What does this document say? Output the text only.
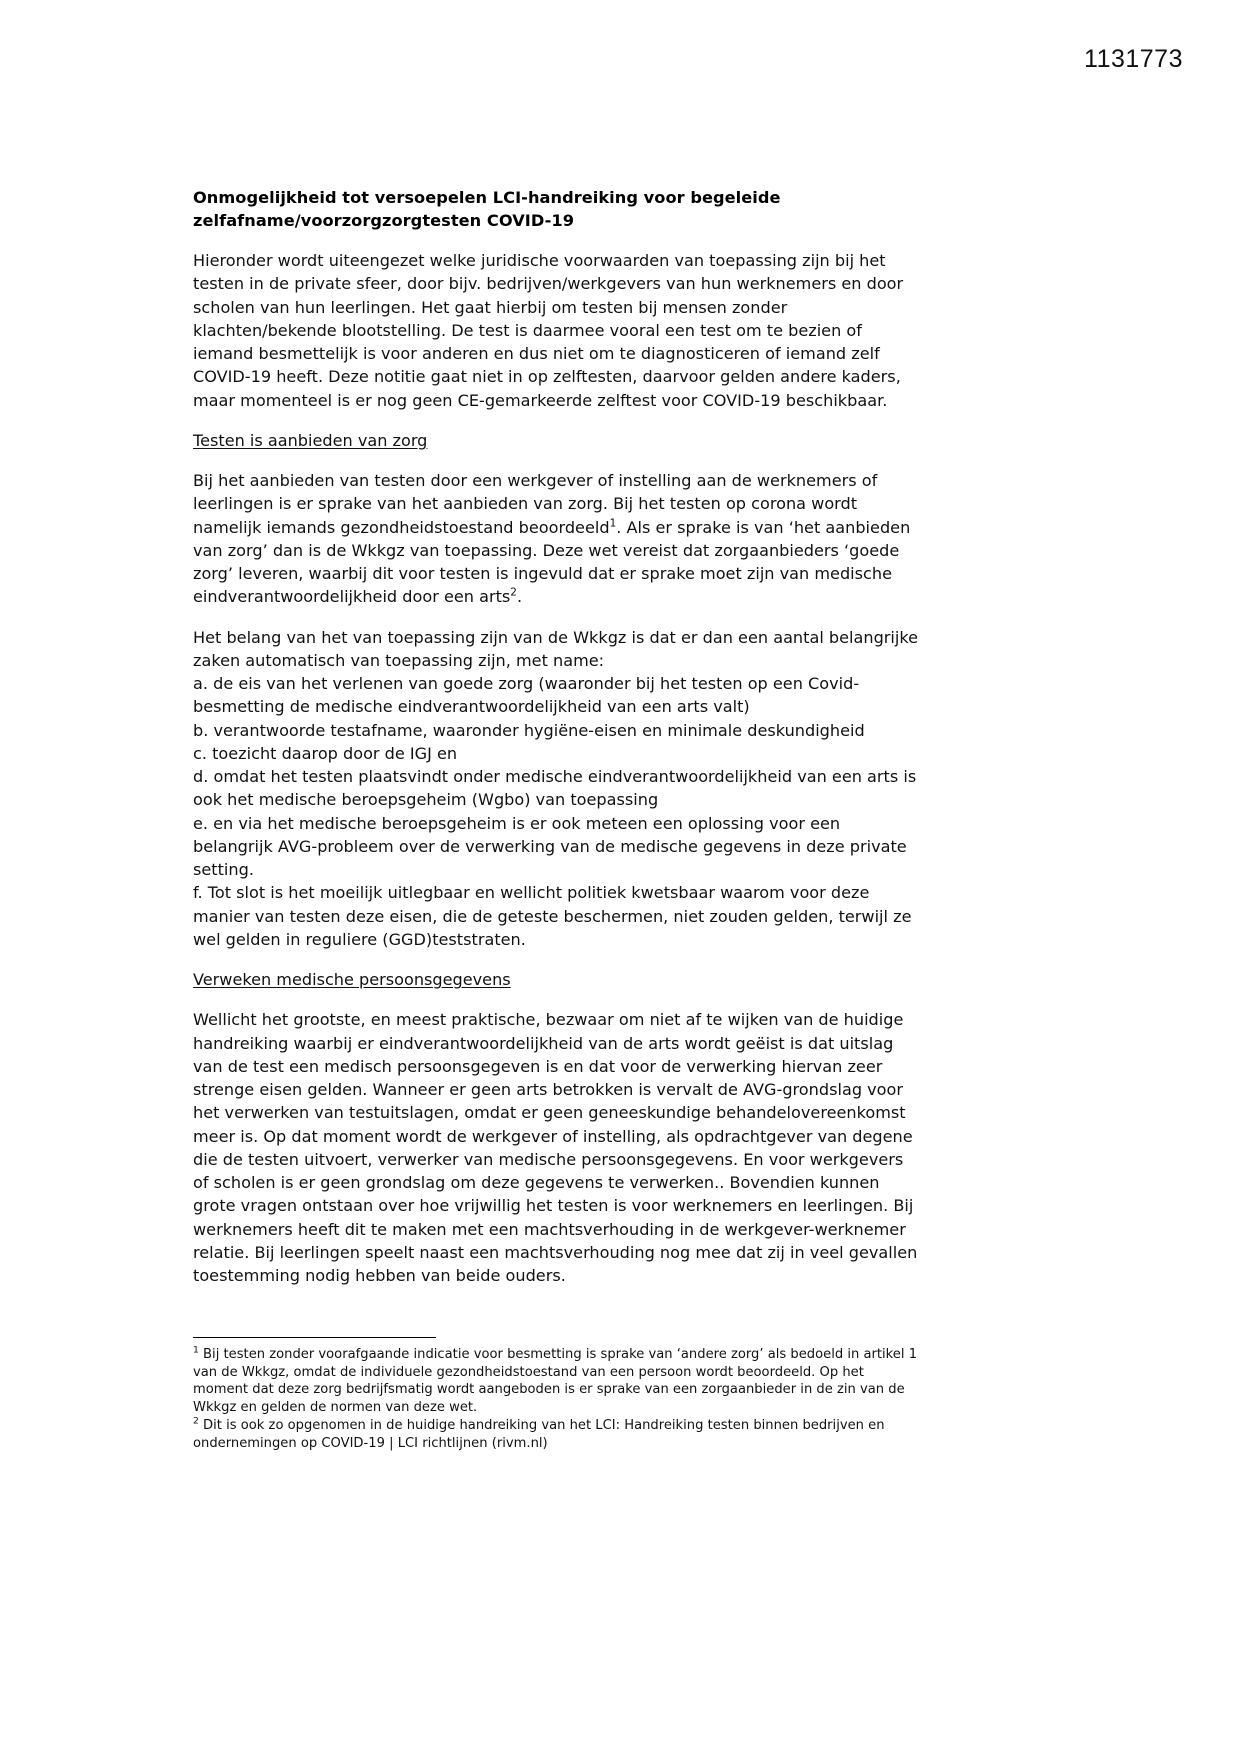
1131773
Onmogelijkheid tot versoepelen LCI-handreiking voor begeleide zelfafname/voorzorgzorgtesten COVID-19

Hieronder wordt uiteengezet welke juridische voorwaarden van toepassing zijn bij het testen in de private sfeer, door bijv. bedrijven/werkgevers van hun werknemers en door scholen van hun leerlingen. Het gaat hierbij om testen bij mensen zonder klachten/bekende blootstelling. De test is daarmee vooral een test om te bezien of iemand besmettelijk is voor anderen en dus niet om te diagnosticeren of iemand zelf COVID-19 heeft. Deze notitie gaat niet in op zelftesten, daarvoor gelden andere kaders, maar momenteel is er nog geen CE-gemarkeerde zelftest voor COVID-19 beschikbaar.

Testen is aanbieden van zorg

Bij het aanbieden van testen door een werkgever of instelling aan de werknemers of leerlingen is er sprake van het aanbieden van zorg. Bij het testen op corona wordt namelijk iemands gezondheidstoestand beoordeeld$^1$. Als er sprake is van ‘het aanbieden van zorg’ dan is de Wkkgz van toepassing. Deze wet vereist dat zorgaanbieders ‘goede zorg’ leveren, waarbij dit voor testen is ingevuld dat er sprake moet zijn van medische eindverantwoordelijkheid door een arts$^2$.

Het belang van het van toepassing zijn van de Wkkgz is dat er dan een aantal belangrijke zaken automatisch van toepassing zijn, met name:

a. de eis van het verlenen van goede zorg (waaronder bij het testen op een Covid-besmetting de medische eindverantwoordelijkheid van een arts valt)

b. verantwoorde testafname, waaronder hygiëne-eisen en minimale deskundigheid

c. toezicht daarop door de IGJ en

d. omdat het testen plaatsvindt onder medische eindverantwoordelijkheid van een arts is ook het medische beroepsgeheim (Wgbo) van toepassing

e. en via het medische beroepsgeheim is er ook meteen een oplossing voor een belangrijk AVG-probleem over de verwerking van de medische gegevens in deze private setting.

f. Tot slot is het moeilijk uitlegbaar en wellicht politiek kwetsbaar waarom voor deze manier van testen deze eisen, die de geteste beschermen, niet zouden gelden, terwijl ze wel gelden in reguliere (GGD)teststraten.

Verweken medische persoonsgegevens

Wellicht het grootste, en meest praktische, bezwaar om niet af te wijken van de huidige handreiking waarbij er eindverantwoordelijkheid van de arts wordt geëist is dat uitslag van de test een medisch persoonsgegeven is en dat voor de verwerking hiervan zeer strenge eisen gelden. Wanneer er geen arts betrokken is vervalt de AVG-grondslag voor het verwerken van testuitslagen, omdat er geen geneeskundige behandelovereenkomst meer is. Op dat moment wordt de werkgever of instelling, als opdrachtgever van degene die de testen uitvoert, verwerker van medische persoonsgegevens. En voor werkgevers of scholen is er geen grondslag om deze gegevens te verwerken.. Bovendien kunnen grote vragen ontstaan over hoe vrijwillig het testen is voor werknemers en leerlingen. Bij werknemers heeft dit te maken met een machtsverhouding in de werkgever-werknemer relatie. Bij leerlingen speelt naast een machtsverhouding nog mee dat zij in veel gevallen toestemming nodig hebben van beide ouders.

$^1$ Bij testen zonder voorafgaande indicatie voor besmetting is sprake van ‘andere zorg’ als bedoeld in artikel 1 van de Wkkgz, omdat de individuele gezondheidstoestand van een persoon wordt beoordeeld. Op het moment dat deze zorg bedrijfsmatig wordt aangeboden is er sprake van een zorgaanbieder in de zin van de Wkkgz en gelden de normen van deze wet.

$^2$ Dit is ook zo opgenomen in de huidige handreiking van het LCI: Handreiking testen binnen bedrijven en ondernemingen op COVID-19 | LCI richtlijnen (rivm.nl)
